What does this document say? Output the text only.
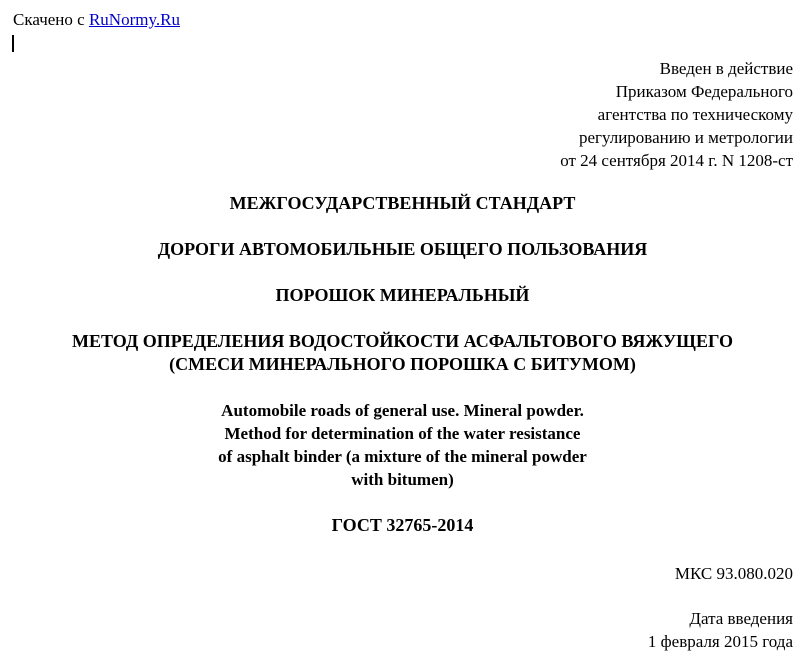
Скачено с RuNormy.Ru
Введен в действие
Приказом Федерального
агентства по техническому
регулированию и метрологии
от 24 сентября 2014 г. N 1208-ст
МЕЖГОСУДАРСТВЕННЫЙ СТАНДАРТ
ДОРОГИ АВТОМОБИЛЬНЫЕ ОБЩЕГО ПОЛЬЗОВАНИЯ
ПОРОШОК МИНЕРАЛЬНЫЙ
МЕТОД ОПРЕДЕЛЕНИЯ ВОДОСТОЙКОСТИ АСФАЛЬТОВОГО ВЯЖУЩЕГО
(СМЕСИ МИНЕРАЛЬНОГО ПОРОШКА С БИТУМОМ)
Automobile roads of general use. Mineral powder.
Method for determination of the water resistance
of asphalt binder (a mixture of the mineral powder
with bitumen)
ГОСТ 32765-2014
МКС 93.080.020
Дата введения
1 февраля 2015 года
